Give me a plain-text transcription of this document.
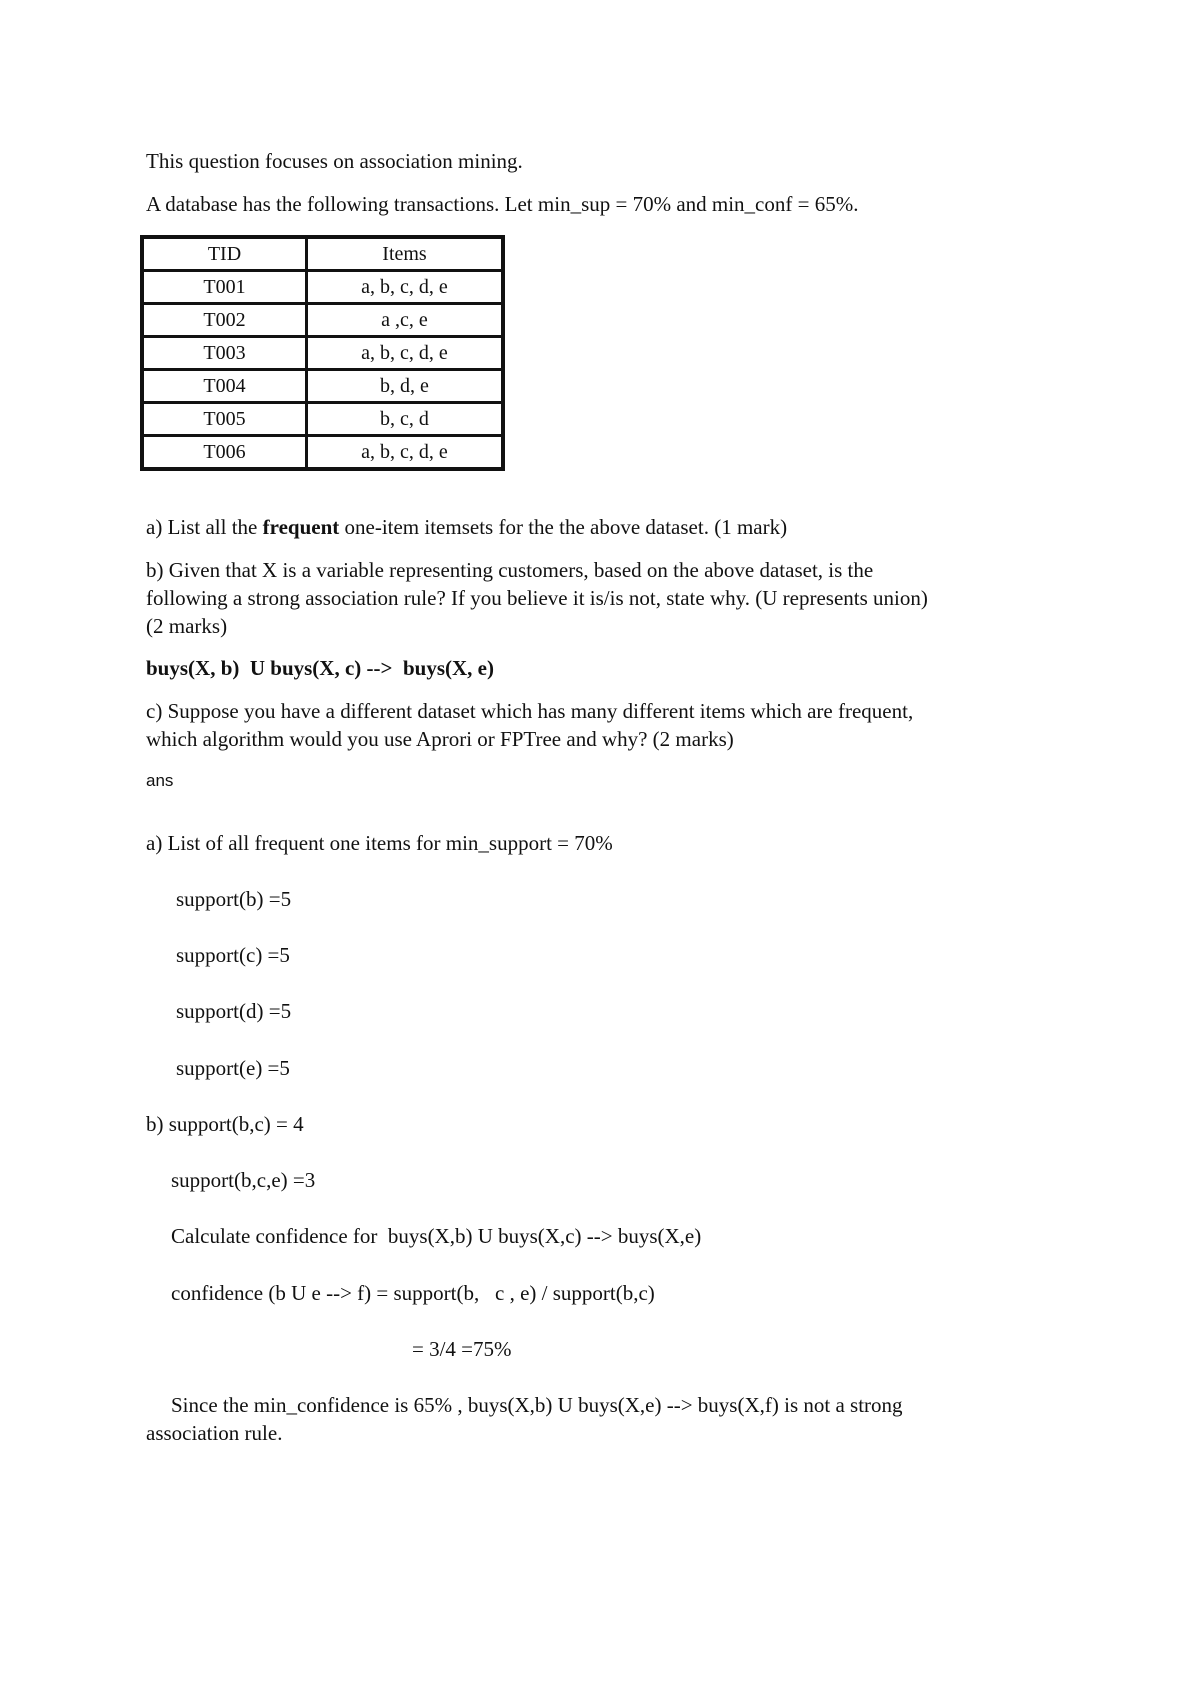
This question focuses on association mining.
A database has the following transactions. Let min_sup = 70% and min_conf = 65%.
TID	Items
T001	a, b, c, d, e
T002	a ,c, e
T003	a, b, c, d, e
T004	b, d, e
T005	b, c, d
T006	a, b, c, d, e
a) List all the frequent one-item itemsets for the the above dataset. (1 mark)
b) Given that X is a variable representing customers, based on the above dataset, is the
following a strong association rule? If you believe it is/is not, state why. (U represents union)
(2 marks)
buys(X, b)  U buys(X, c) -->  buys(X, e)
c) Suppose you have a different dataset which has many different items which are frequent,
which algorithm would you use Aprori or FPTree and why? (2 marks)
ans
a) List of all frequent one items for min_support = 70%
support(b) =5
support(c) =5
support(d) =5
support(e) =5
b) support(b,c) = 4
support(b,c,e) =3
Calculate confidence for  buys(X,b) U buys(X,c) --> buys(X,e)
confidence (b U e --> f) = support(b,   c , e) / support(b,c)
= 3/4 =75%
Since the min_confidence is 65% , buys(X,b) U buys(X,e) --> buys(X,f) is not a strong
association rule.
